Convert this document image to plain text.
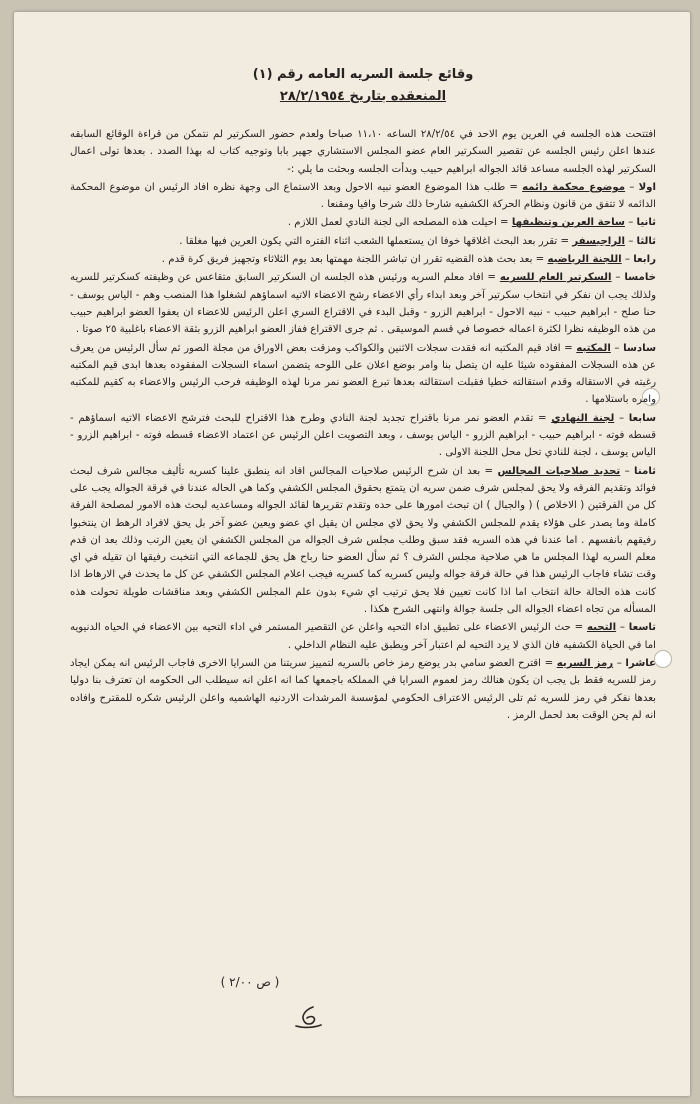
وقائع جلسة السريه العامه رقم (١)
المنعقده بتاريخ ٢٨/٢/١٩٥٤

افتتحت هذه الجلسه في العرين يوم الاحد في ٢٨/٢/٥٤ الساعه ١١،١٠ صباحا ولعدم حضور السكرتير لم نتمكن من قراءة الوقائع السابقه عندها اعلن رئيس الجلسه عن تقصير السكرتير العام عضو المجلس الاستشاري جهير بابا وتوجيه كتاب له بهذا الصدد . بعدها تولى اعمال السكرتير لهذه الجلسه مساعد قائد الجواله ابراهيم حبيب وبدأت الجلسه وبحثت ما يلي :-

اولا – موضوع محكمة دائمه = طلب هذا الموضوع العضو نبيه الاحول وبعد الاستماع الى وجهة نظره افاد الرئيس ان موضوع المحكمة الدائمه لا تتفق من قانون ونظام الحركة الكشفيه شارحا ذلك شرحا وافيا ومقنعا .

ثانيا – ساحة العرين وتنظيفها = احيلت هذه المصلحه الى لجنة النادي لعمل اللازم .

ثالثا – الراجيسفر = تقرر بعد البحث اغلاقها خوفا ان يستعملها الشعب اثناء الفتره التي يكون العرين فيها مغلقا .

رابعا – اللجنة الرياضيه = بعد بحث هذه القضيه تقرر ان تباشر اللجنة مهمتها بعد يوم الثلاثاء وتجهيز فريق كرة قدم .

خامسا – السكرتير العام للسريه = افاد معلم السريه ورئيس هذه الجلسه ان السكرتير السابق متقاعس عن وظيفته كسكرتير للسريه ولذلك يجب ان نفكر في انتخاب سكرتير آخر وبعد ابداء رأي الاعضاء رشح الاعضاء الاتيه اسماؤهم لشغلوا هذا المنصب وهم - الياس يوسف - حنا صلح - ابراهيم حبيب - نبيه الاحول - ابراهيم الزرو - وقبل البدء في الاقتراع السري اعلن الرئيس للاعضاء ان يعفوا العضو ابراهيم حبيب من هذه الوظيفه نظرا لكثرة اعماله خصوصا في قسم الموسيقى . ثم جرى الاقتراع ففاز العضو ابراهيم الزرو بثقة الاعضاء باغلبية ٢٥ صوتا .

سادسا – المكتبه = افاد قيم المكتبه انه فقدت سجلات الاثنين والكواكب ومزقت بعض الاوراق من مجلة الصور ثم سأل الرئيس من يعرف عن هذه السجلات المفقوده شيئا عليه ان يتصل بنا وامر بوضع اعلان على اللوحه يتضمن اسماء السجلات المفقوده بعدها ابدى قيم المكتبه رغبته في الاستقاله وقدم استقالته خطيا فقبلت استقالته بعدها تبرع العضو نمر مرنا لهذه الوظيفه فرحب الرئيس والاعضاء به كقيم للمكتبه وامره باستلامها .

سابعا – لجنة النهادي = تقدم العضو نمر مرنا باقتراح تجديد لجنة النادي وطرح هذا الاقتراح للبحث فترشح الاعضاء الاتيه اسماؤهم - قسطه فوته - ابراهيم حبيب - ابراهيم الزرو - الياس يوسف ، وبعد التصويت اعلن الرئيس عن اعتماد الاعضاء قسطه فوته - ابراهيم الزرو - الياس يوسف ، لجنة للنادي تحل محل اللجنة الاولى .

ثامنا – تحديد صلاحيات المجالس = بعد ان شرح الرئيس صلاحيات المجالس افاد انه ينطبق علينا كسريه تأليف مجالس شرف لبحث فوائد وتقديم الفرقه ولا يحق لمجلس شرف ضمن سريه ان يتمتع بحقوق المجلس الكشفي وكما هي الحاله عندنا في فرقة الجواله يجب على كل من الفرقتين ( الاخلاص ) ( والجبال ) ان تبحث امورها على حده وتقدم تقريرها لقائد الجواله ومساعديه لبحث هذه الامور لمصلحة الفرقة كاملة وما يصدر على هؤلاء يقدم للمجلس الكشفي ولا يحق لاي مجلس ان يقيل اي عضو ويعين عضو آخر بل يحق لافراد الرهط ان ينتخبوا رفيقهم بانفسهم . اما عندنا في هذه السريه فقد سبق وطلب مجلس شرف الجواله من المجلس الكشفي ان يعين الرتب وذلك بعد ان قدم معلم السريه لهذا المجلس ما هي صلاحية مجلس الشرف ؟ ثم سأل العضو حنا رباح هل يحق للجماعه التي انتخبت رفيقها ان تقيله في اي وقت تشاء فاجاب الرئيس هذا في حالة فرقة جواله وليس كسريه كما كسريه فيجب اعلام المجلس الكشفي عن كل ما يحدث في الارهاط اذا كانت هذه الحالة حالة انتخاب اما اذا كانت تعيين فلا يحق ترتيب اي شيء بدون علم المجلس الكشفي وبعد مناقشات طويلة تحولت هذه المسأله من تجاه اعضاء الجواله الى جلسة جوالة وانتهى الشرح هكذا .

تاسعا – التحيه = حث الرئيس الاعضاء على تطبيق اداء التحيه واعلن عن التقصير المستمر في اداء التحيه بين الاعضاء في الحياه الدنيويه اما في الحياة الكشفيه فان الذي لا يرد التحيه لم اعتبار آخر ويطبق عليه النظام الداخلي .

عاشرا – رمز السريه = اقترح العضو سامي بدر يوضع رمز خاص بالسريه لتمييز سريتنا من السرايا الاخرى فاجاب الرئيس انه يمكن ايجاد رمز للسريه فقط بل يجب ان يكون هنالك رمز لعموم السرايا في المملكه باجمعها كما انه اعلن انه سيطلب الى الحكومه ان تعترف بنا دوليا بعدها نفكر في رمز للسريه ثم تلى الرئيس الاعتراف الحكومي لمؤسسة المرشدات الاردنيه الهاشميه واعلن الرئيس شكره للمقترح وافاده انه لم يحن الوقت بعد لحمل الرمز .

( ص ٢/٠٠ )
